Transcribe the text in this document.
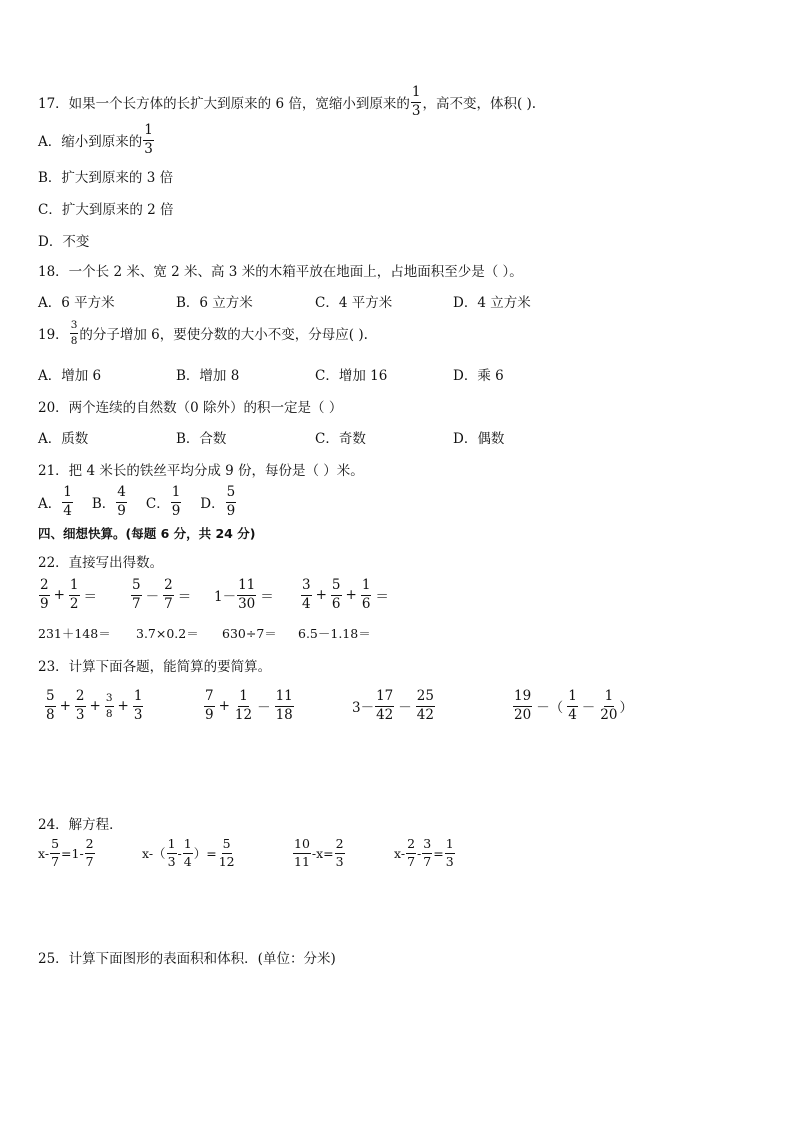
17．如果一个长方体的长扩大到原来的 6 倍，宽缩小到原来的 $\frac{1}{3}$ ，高不变，体积( ).
A．缩小到原来的 $\frac{1}{3}$
B．扩大到原来的 3 倍
C．扩大到原来的 2 倍
D．不变
18．一个长 2 米、宽 2 米、高 3 米的木箱平放在地面上，占地面积至少是（ ）。
A．6 平方米	B．6 立方米	C．4 平方米	D．4 立方米
19． $\frac{3}{8}$ 的分子增加 6，要使分数的大小不变，分母应( ).
A．增加 6	B．增加 8	C．增加 16	D．乘 6
20．两个连续的自然数（0 除外）的积一定是（ ）
A．质数	B．合数	C．奇数	D．偶数
21．把 4 米长的铁丝平均分成 9 份，每份是（ ）米。
A． $\frac{1}{4}$ B． $\frac{4}{9}$ C． $\frac{1}{9}$ D． $\frac{5}{9}$
四、细想快算。(每题 6 分，共 24 分)
22．直接写出得数。
$\frac{2}{9} + \frac{1}{2}$ ＝	$\frac{5}{7} - \frac{2}{7} = 1- \frac{11}{30} = \frac{3}{4} + \frac{5}{6} + \frac{1}{6}$ ＝
231＋148＝ 3.7×0.2＝ 630÷7＝ 6.5－1.18＝
23．计算下面各题，能简算的要简算。
$\frac{5}{8} + \frac{2}{3} + \frac{3}{8} + \frac{1}{3}$	$\frac{7}{9} + \frac{1}{12} - \frac{11}{18}$	$3- \frac{17}{42} - \frac{25}{42}$	$\frac{19}{20}$ －（ $\frac{1}{4} - \frac{1}{20}$ ）
24．解方程．
$x- \frac{5}{7} =1- \frac{2}{7}$	$x-( \frac{1}{3} - \frac{1}{4}$ ）= $\frac{5}{12}$	$\frac{10}{11} -x= \frac{2}{3}$	$x- \frac{2}{7} - \frac{3}{7} = \frac{1}{3}$
25．计算下面图形的表面积和体积．(单位：分米)
